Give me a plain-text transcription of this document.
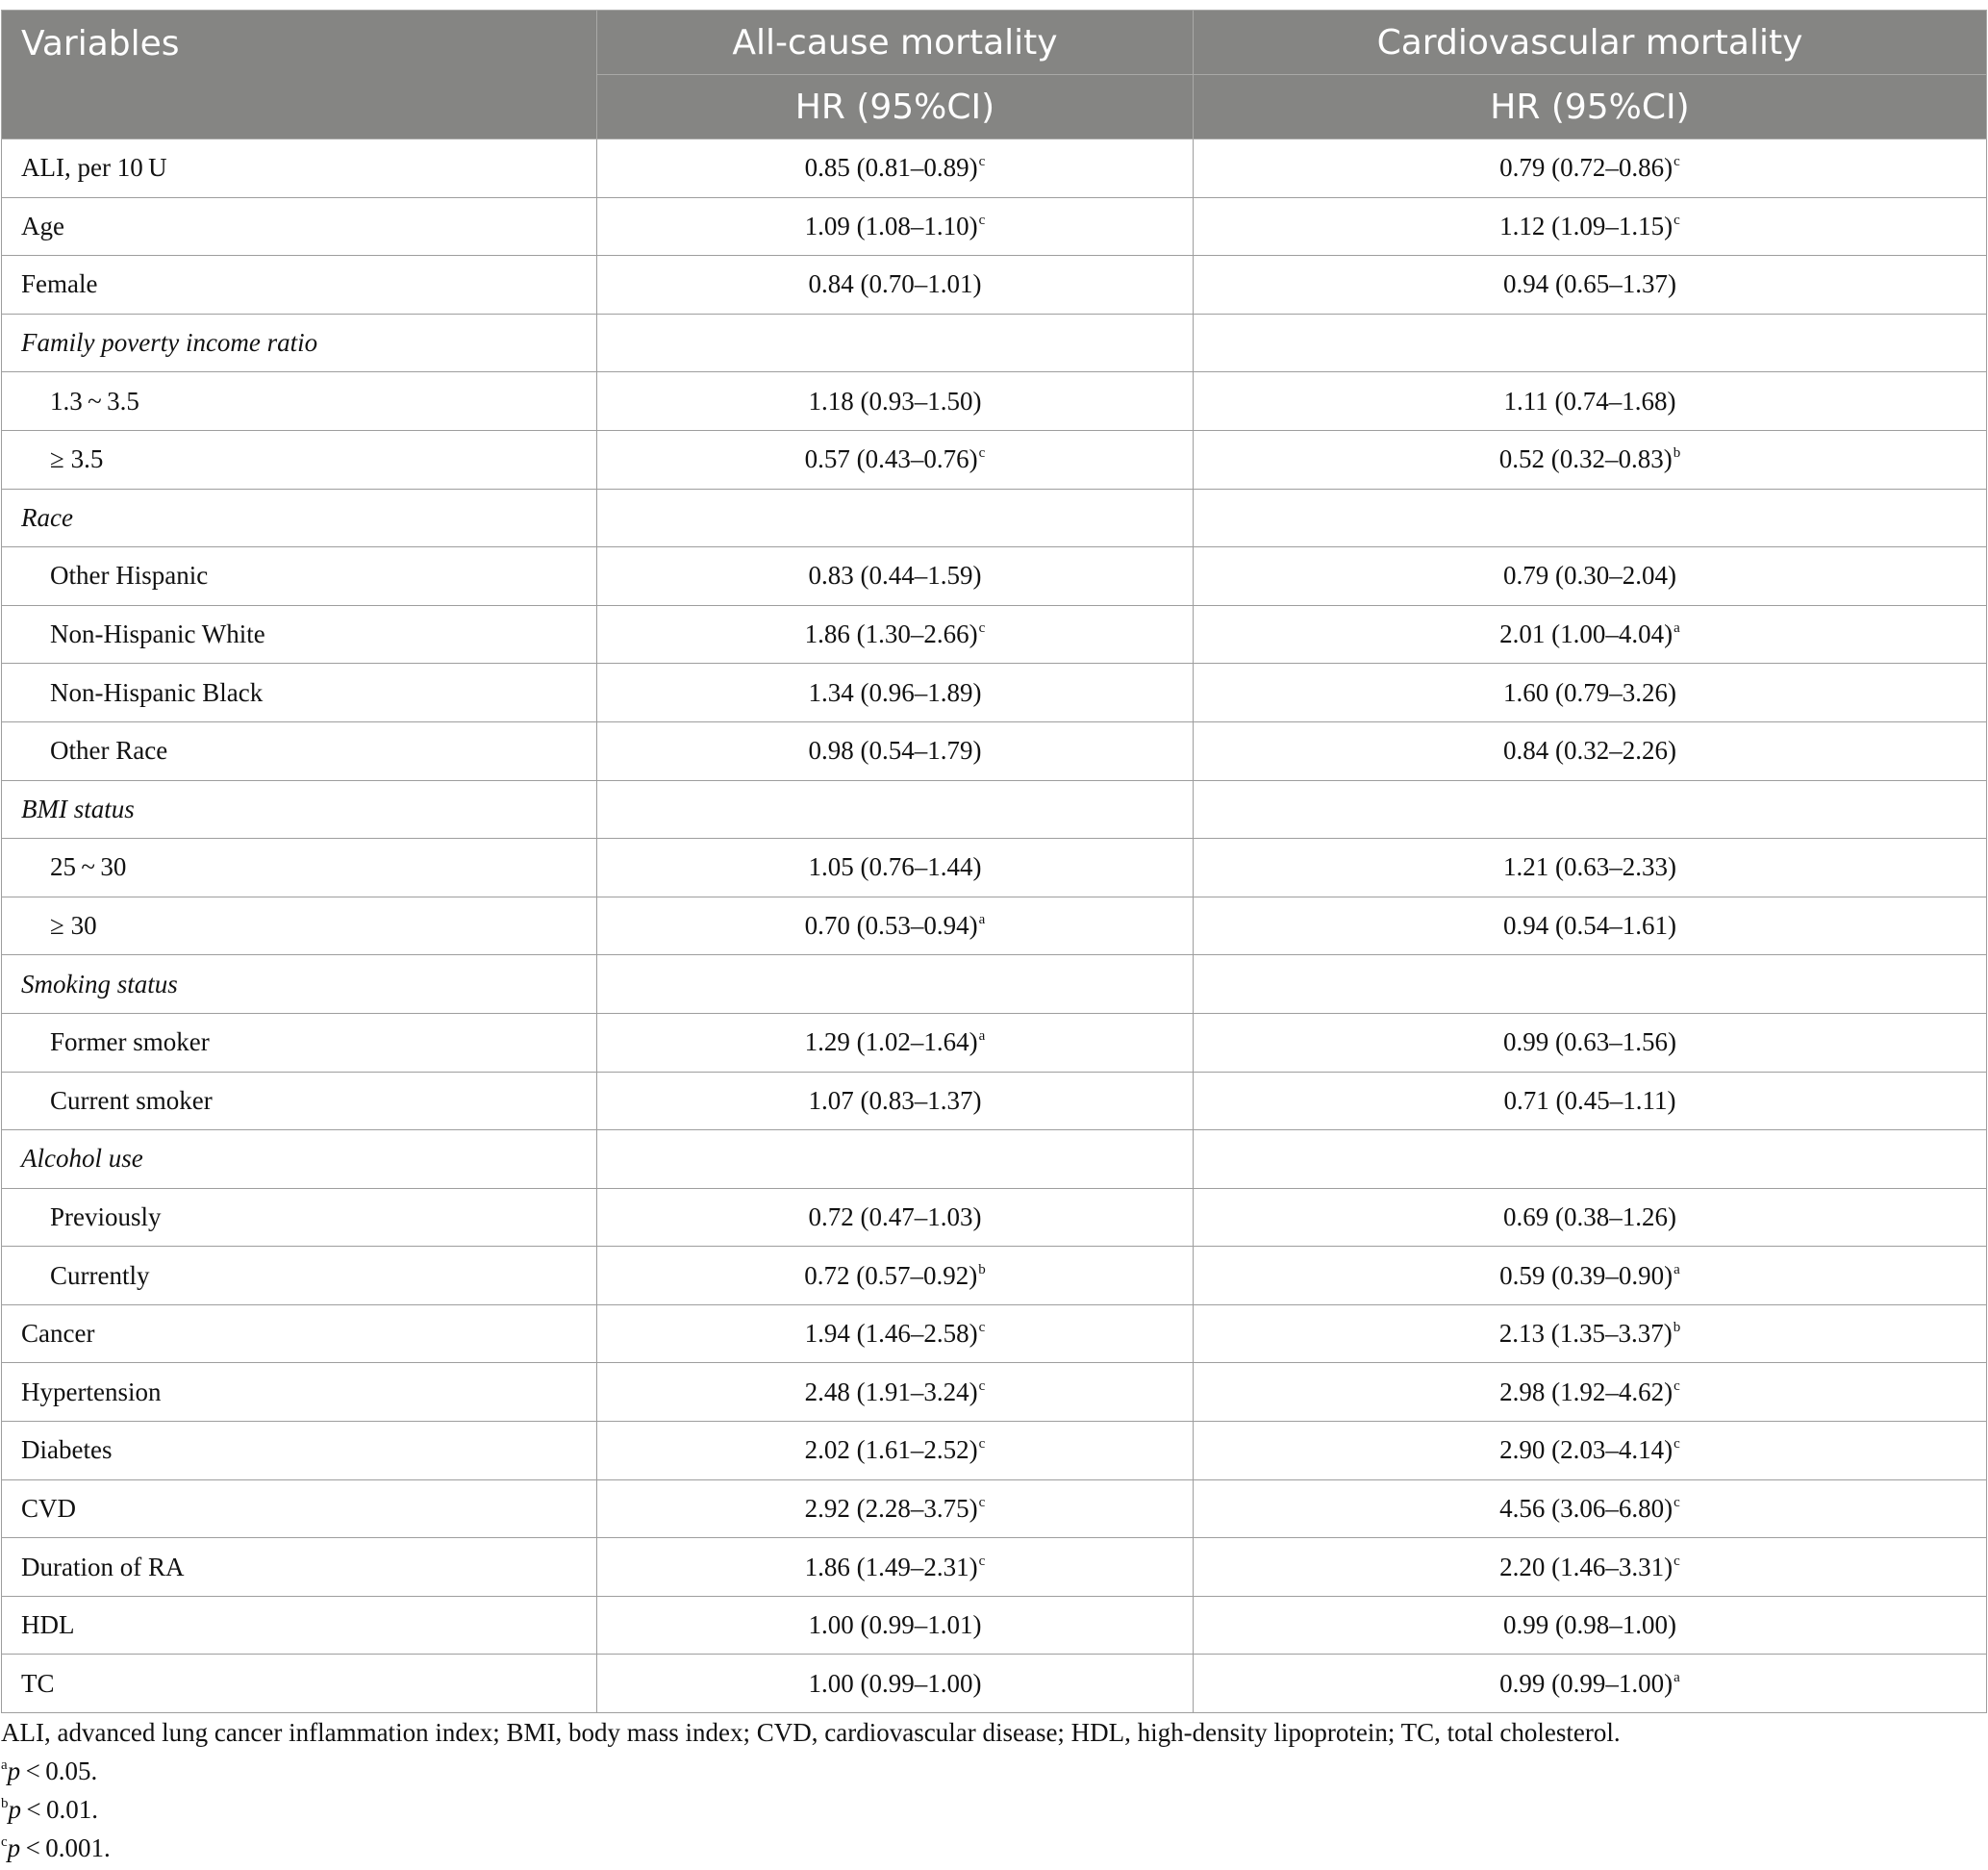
Variables	All-cause mortality	Cardiovascular mortality
	HR (95%CI)	HR (95%CI)
ALI, per 10 U	0.85 (0.81–0.89)$^c$	0.79 (0.72–0.86)$^c$
Age	1.09 (1.08–1.10)$^c$	1.12 (1.09–1.15)$^c$
Female	0.84 (0.70–1.01)	0.94 (0.65–1.37)
Family poverty income ratio		
1.3 ~ 3.5	1.18 (0.93–1.50)	1.11 (0.74–1.68)
≥ 3.5	0.57 (0.43–0.76)$^c$	0.52 (0.32–0.83)$^b$
Race		
Other Hispanic	0.83 (0.44–1.59)	0.79 (0.30–2.04)
Non-Hispanic White	1.86 (1.30–2.66)$^c$	2.01 (1.00–4.04)$^a$
Non-Hispanic Black	1.34 (0.96–1.89)	1.60 (0.79–3.26)
Other Race	0.98 (0.54–1.79)	0.84 (0.32–2.26)
BMI status		
25 ~ 30	1.05 (0.76–1.44)	1.21 (0.63–2.33)
≥ 30	0.70 (0.53–0.94)$^a$	0.94 (0.54–1.61)
Smoking status		
Former smoker	1.29 (1.02–1.64)$^a$	0.99 (0.63–1.56)
Current smoker	1.07 (0.83–1.37)	0.71 (0.45–1.11)
Alcohol use		
Previously	0.72 (0.47–1.03)	0.69 (0.38–1.26)
Currently	0.72 (0.57–0.92)$^b$	0.59 (0.39–0.90)$^a$
Cancer	1.94 (1.46–2.58)$^c$	2.13 (1.35–3.37)$^b$
Hypertension	2.48 (1.91–3.24)$^c$	2.98 (1.92–4.62)$^c$
Diabetes	2.02 (1.61–2.52)$^c$	2.90 (2.03–4.14)$^c$
CVD	2.92 (2.28–3.75)$^c$	4.56 (3.06–6.80)$^c$
Duration of RA	1.86 (1.49–2.31)$^c$	2.20 (1.46–3.31)$^c$
HDL	1.00 (0.99–1.01)	0.99 (0.98–1.00)
TC	1.00 (0.99–1.00)	0.99 (0.99–1.00)$^a$
ALI, advanced lung cancer inflammation index; BMI, body mass index; CVD, cardiovascular disease; HDL, high-density lipoprotein; TC, total cholesterol.
$^a$p < 0.05.
$^b$p < 0.01.
$^c$p < 0.001.
